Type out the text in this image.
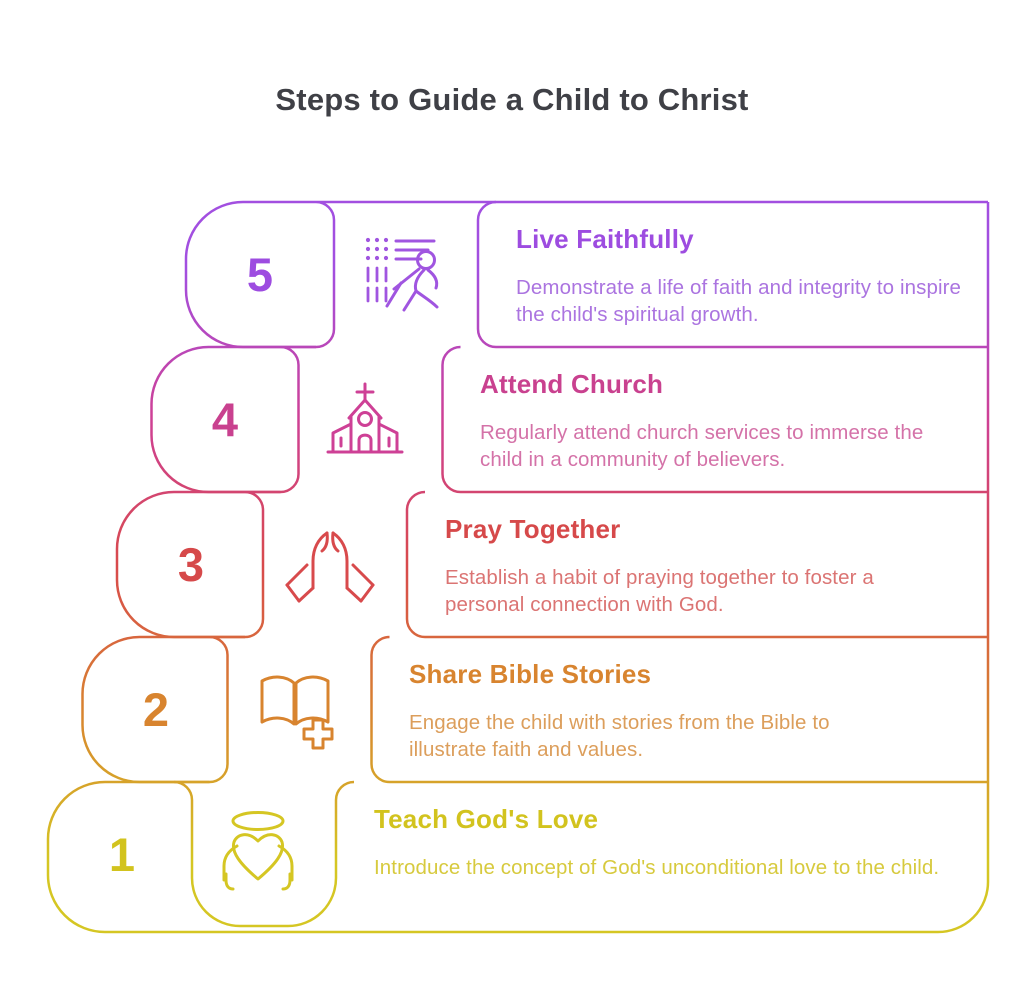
Steps to Guide a Child to Christ
5
Live Faithfully
Demonstrate a life of faith and integrity to inspire the child's spiritual growth.
4
Attend Church
Regularly attend church services to immerse the child in a community of believers.
3
Pray Together
Establish a habit of praying together to foster a personal connection with God.
2
Share Bible Stories
Engage the child with stories from the Bible to illustrate faith and values.
1
Teach God's Love
Introduce the concept of God's unconditional love to the child.
